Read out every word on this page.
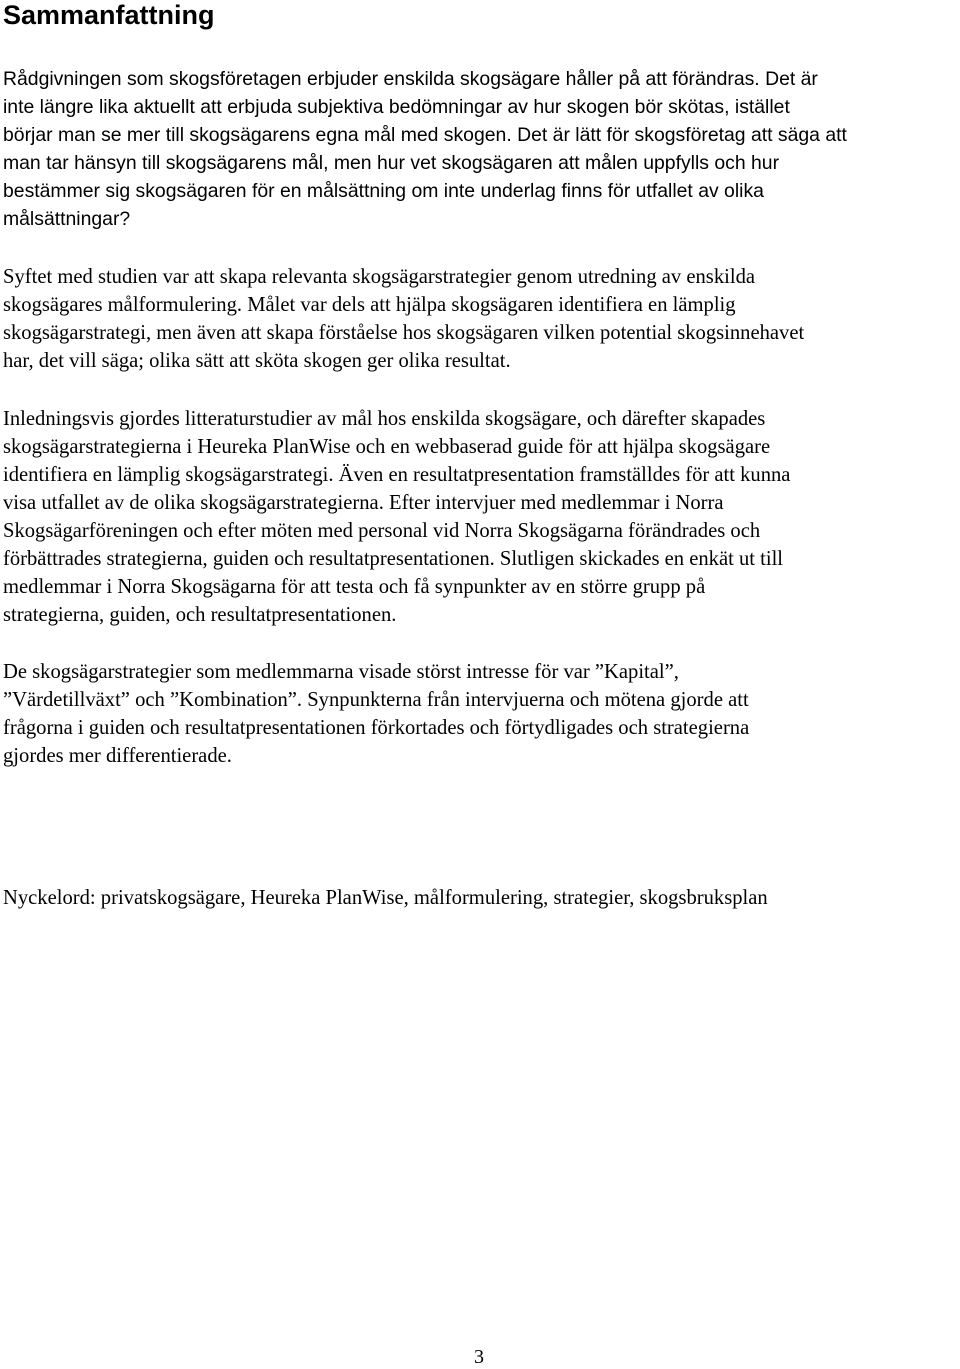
Sammanfattning

Rådgivningen som skogsföretagen erbjuder enskilda skogsägare håller på att förändras. Det är

inte längre lika aktuellt att erbjuda subjektiva bedömningar av hur skogen bör skötas, istället

börjar man se mer till skogsägarens egna mål med skogen. Det är lätt för skogsföretag att säga att

man tar hänsyn till skogsägarens mål, men hur vet skogsägaren att målen uppfylls och hur

bestämmer sig skogsägaren för en målsättning om inte underlag finns för utfallet av olika

målsättningar?

Syftet med studien var att skapa relevanta skogsägarstrategier genom utredning av enskilda

skogsägares målformulering. Målet var dels att hjälpa skogsägaren identifiera en lämplig

skogsägarstrategi, men även att skapa förståelse hos skogsägaren vilken potential skogsinnehavet

har, det vill säga; olika sätt att sköta skogen ger olika resultat.

Inledningsvis gjordes litteraturstudier av mål hos enskilda skogsägare, och därefter skapades

skogsägarstrategierna i Heureka PlanWise och en webbaserad guide för att hjälpa skogsägare

identifiera en lämplig skogsägarstrategi. Även en resultatpresentation framställdes för att kunna

visa utfallet av de olika skogsägarstrategierna. Efter intervjuer med medlemmar i Norra

Skogsägarföreningen och efter möten med personal vid Norra Skogsägarna förändrades och

förbättrades strategierna, guiden och resultatpresentationen. Slutligen skickades en enkät ut till

medlemmar i Norra Skogsägarna för att testa och få synpunkter av en större grupp på

strategierna, guiden, och resultatpresentationen.

De skogsägarstrategier som medlemmarna visade störst intresse för var ”Kapital”,

”Värdetillväxt” och ”Kombination”. Synpunkterna från intervjuerna och mötena gjorde att

frågorna i guiden och resultatpresentationen förkortades och förtydligades och strategierna

gjordes mer differentierade.

Nyckelord: privatskogsägare, Heureka PlanWise, målformulering, strategier, skogsbruksplan

3
